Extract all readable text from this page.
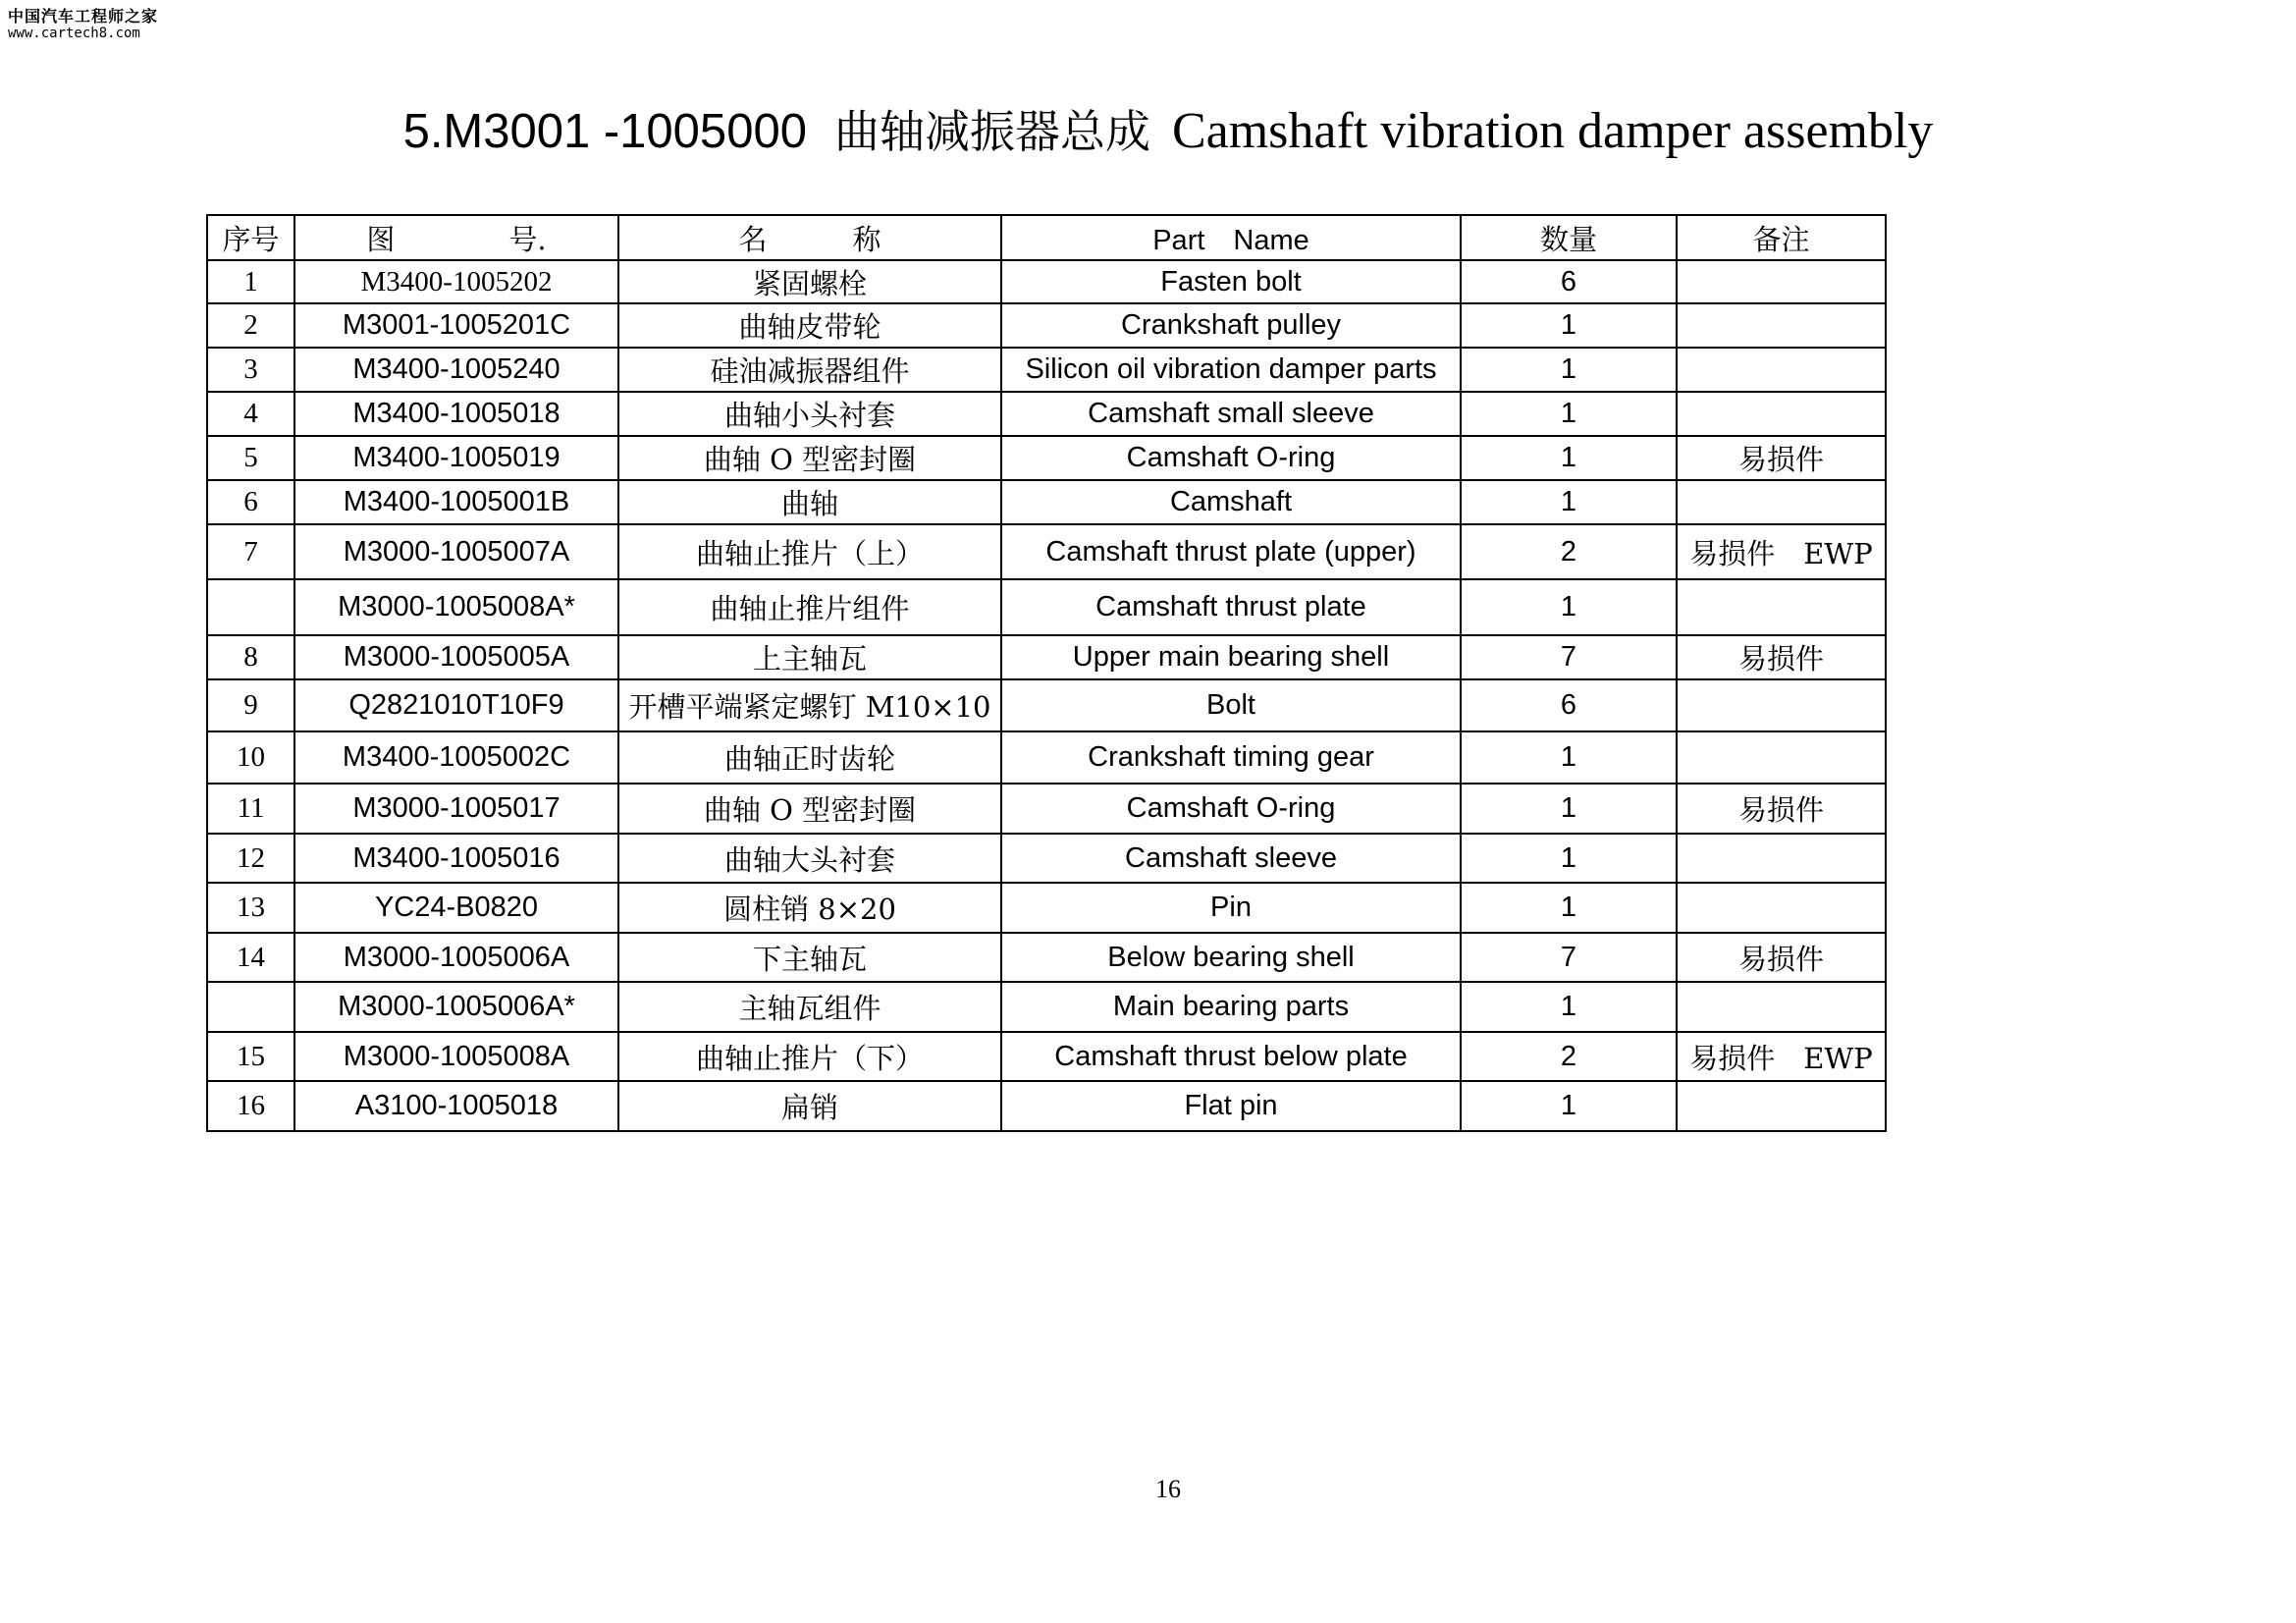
中国汽车工程师之家
www.cartech8.com
5.M3001 -1005000 曲轴减振器总成 Camshaft vibration damper assembly
序号	图　　　　号.	名　　　称	Part　Name	数量	备注
1	M3400-1005202	紧固螺栓	Fasten bolt	6	
2	M3001-1005201C	曲轴皮带轮	Crankshaft pulley	1	
3	M3400-1005240	硅油减振器组件	Silicon oil vibration damper parts	1	
4	M3400-1005018	曲轴小头衬套	Camshaft small sleeve	1	
5	M3400-1005019	曲轴 O 型密封圈	Camshaft O-ring	1	易损件
6	M3400-1005001B	曲轴	Camshaft	1	
7	M3000-1005007A	曲轴止推片（上）	Camshaft thrust plate (upper)	2	易损件　EWP
	M3000-1005008A*	曲轴止推片组件	Camshaft thrust plate	1	
8	M3000-1005005A	上主轴瓦	Upper main bearing shell	7	易损件
9	Q2821010T10F9	开槽平端紧定螺钉 M10×10	Bolt	6	
10	M3400-1005002C	曲轴正时齿轮	Crankshaft timing gear	1	
11	M3000-1005017	曲轴 O 型密封圈	Camshaft O-ring	1	易损件
12	M3400-1005016	曲轴大头衬套	Camshaft sleeve	1	
13	YC24-B0820	圆柱销 8×20	Pin	1	
14	M3000-1005006A	下主轴瓦	Below bearing shell	7	易损件
	M3000-1005006A*	主轴瓦组件	Main bearing parts	1	
15	M3000-1005008A	曲轴止推片（下）	Camshaft thrust below plate	2	易损件　EWP
16	A3100-1005018	扁销	Flat pin	1	
16
